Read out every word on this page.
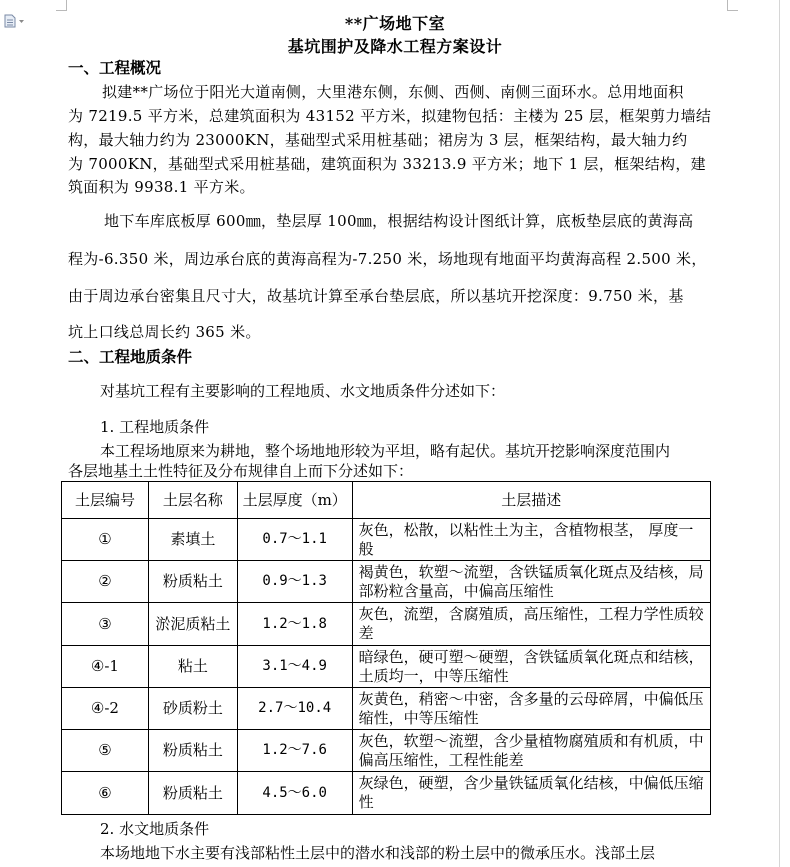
**广场地下室
基坑围护及降水工程方案设计
一、工程概况
拟建**广场位于阳光大道南侧，大里港东侧，东侧、西侧、南侧三面环水。总用地面积
为 7219.5 平方米，总建筑面积为 43152 平方米，拟建物包括：主楼为 25 层，框架剪力墙结
构，最大轴力约为 23000KN，基础型式采用桩基础；裙房为 3 层，框架结构，最大轴力约
为 7000KN，基础型式采用桩基础，建筑面积为 33213.9 平方米；地下 1 层，框架结构，建
筑面积为 9938.1 平方米。
地下车库底板厚 600㎜，垫层厚 100㎜，根据结构设计图纸计算，底板垫层底的黄海高
程为-6.350 米，周边承台底的黄海高程为-7.250 米，场地现有地面平均黄海高程 2.500 米，
由于周边承台密集且尺寸大，故基坑计算至承台垫层底，所以基坑开挖深度：9.750 米，基
坑上口线总周长约 365 米。
二、工程地质条件
对基坑工程有主要影响的工程地质、水文地质条件分述如下：
1. 工程地质条件
本工程场地原来为耕地，整个场地地形较为平坦，略有起伏。基坑开挖影响深度范围内
各层地基土土性特征及分布规律自上而下分述如下：
土层编号	土层名称	土层厚度（m）	土层描述
①	素填土	0.7～1.1	灰色，松散，以粘性土为主，含植物根茎， 厚度一般
②	粉质粘土	0.9～1.3	褐黄色，软塑～流塑，含铁锰质氧化斑点及结核，局部粉粒含量高，中偏高压缩性
③	淤泥质粘土	1.2～1.8	灰色，流塑，含腐殖质，高压缩性，工程力学性质较差
④-1	粘土	3.1～4.9	暗绿色，硬可塑～硬塑，含铁锰质氧化斑点和结核，土质均一，中等压缩性
④-2	砂质粉土	2.7～10.4	灰黄色，稍密～中密，含多量的云母碎屑，中偏低压缩性，中等压缩性
⑤	粉质粘土	1.2～7.6	灰色，软塑～流塑，含少量植物腐殖质和有机质，中偏高压缩性，工程性能差
⑥	粉质粘土	4.5～6.0	灰绿色，硬塑，含少量铁锰质氧化结核，中偏低压缩性
2. 水文地质条件
本场地地下水主要有浅部粘性土层中的潜水和浅部的粉土层中的微承压水。浅部土层
